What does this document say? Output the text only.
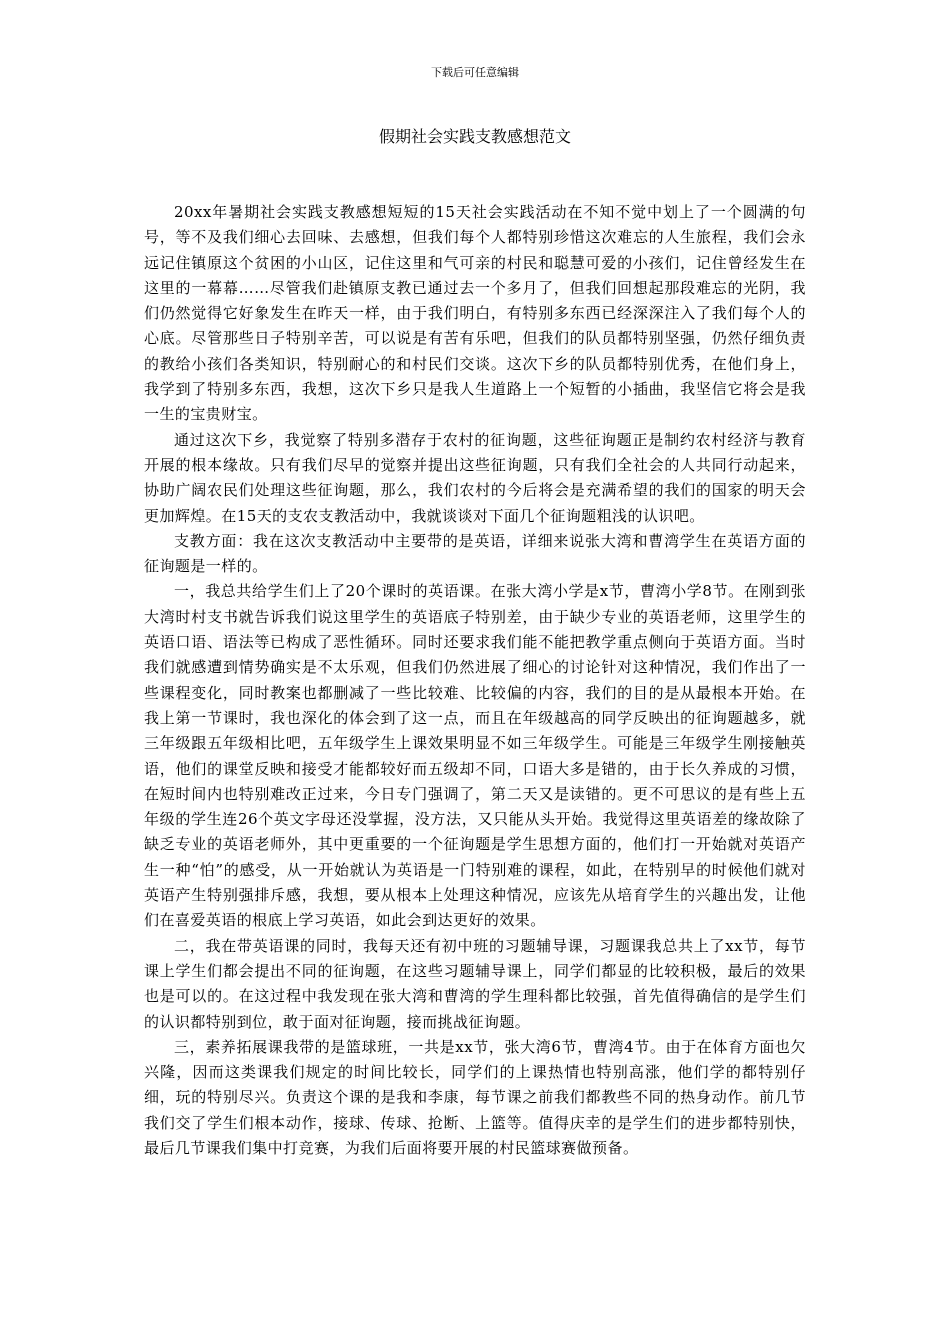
下载后可任意编辑
假期社会实践支教感想范文

20xx年暑期社会实践支教感想短短的15天社会实践活动在不知不觉中划上了一个圆满的句号，等不及我们细心去回味、去感想，但我们每个人都特别珍惜这次难忘的人生旅程，我们会永远记住镇原这个贫困的小山区，记住这里和气可亲的村民和聪慧可爱的小孩们，记住曾经发生在这里的一幕幕……尽管我们赴镇原支教已通过去一个多月了，但我们回想起那段难忘的光阴，我们仍然觉得它好象发生在昨天一样，由于我们明白，有特别多东西已经深深注入了我们每个人的心底。尽管那些日子特别辛苦，可以说是有苦有乐吧，但我们的队员都特别坚强，仍然仔细负责的教给小孩们各类知识，特别耐心的和村民们交谈。这次下乡的队员都特别优秀，在他们身上，我学到了特别多东西，我想，这次下乡只是我人生道路上一个短暂的小插曲，我坚信它将会是我一生的宝贵财宝。

通过这次下乡，我觉察了特别多潜存于农村的征询题，这些征询题正是制约农村经济与教育开展的根本缘故。只有我们尽早的觉察并提出这些征询题，只有我们全社会的人共同行动起来，协助广阔农民们处理这些征询题，那么，我们农村的今后将会是充满希望的我们的国家的明天会更加辉煌。在15天的支农支教活动中，我就谈谈对下面几个征询题粗浅的认识吧。

支教方面：我在这次支教活动中主要带的是英语，详细来说张大湾和曹湾学生在英语方面的征询题是一样的。

一，我总共给学生们上了20个课时的英语课。在张大湾小学是x节，曹湾小学8节。在刚到张大湾时村支书就告诉我们说这里学生的英语底子特别差，由于缺少专业的英语老师，这里学生的英语口语、语法等已构成了恶性循环。同时还要求我们能不能把教学重点侧向于英语方面。当时我们就感遭到情势确实是不太乐观，但我们仍然进展了细心的讨论针对这种情况，我们作出了一些课程变化，同时教案也都删减了一些比较难、比较偏的内容，我们的目的是从最根本开始。在我上第一节课时，我也深化的体会到了这一点，而且在年级越高的同学反映出的征询题越多，就三年级跟五年级相比吧，五年级学生上课效果明显不如三年级学生。可能是三年级学生刚接触英语，他们的课堂反映和接受才能都较好而五级却不同，口语大多是错的，由于长久养成的习惯，在短时间内也特别难改正过来，今日专门强调了，第二天又是读错的。更不可思议的是有些上五年级的学生连26个英文字母还没掌握，没方法，又只能从头开始。我觉得这里英语差的缘故除了缺乏专业的英语老师外，其中更重要的一个征询题是学生思想方面的，他们打一开始就对英语产生一种“怕”的感受，从一开始就认为英语是一门特别难的课程，如此，在特别早的时候他们就对英语产生特别强排斥感，我想，要从根本上处理这种情况，应该先从培育学生的兴趣出发，让他们在喜爱英语的根底上学习英语，如此会到达更好的效果。

二，我在带英语课的同时，我每天还有初中班的习题辅导课，习题课我总共上了xx节，每节课上学生们都会提出不同的征询题，在这些习题辅导课上，同学们都显的比较积极，最后的效果也是可以的。在这过程中我发现在张大湾和曹湾的学生理科都比较强，首先值得确信的是学生们的认识都特别到位，敢于面对征询题，接而挑战征询题。

三，素养拓展课我带的是篮球班，一共是xx节，张大湾6节，曹湾4节。由于在体育方面也欠兴隆，因而这类课我们规定的时间比较长，同学们的上课热情也特别高涨，他们学的都特别仔细，玩的特别尽兴。负责这个课的是我和李康，每节课之前我们都教些不同的热身动作。前几节我们交了学生们根本动作，接球、传球、抢断、上篮等。值得庆幸的是学生们的进步都特别快，最后几节课我们集中打竞赛，为我们后面将要开展的村民篮球赛做预备。
